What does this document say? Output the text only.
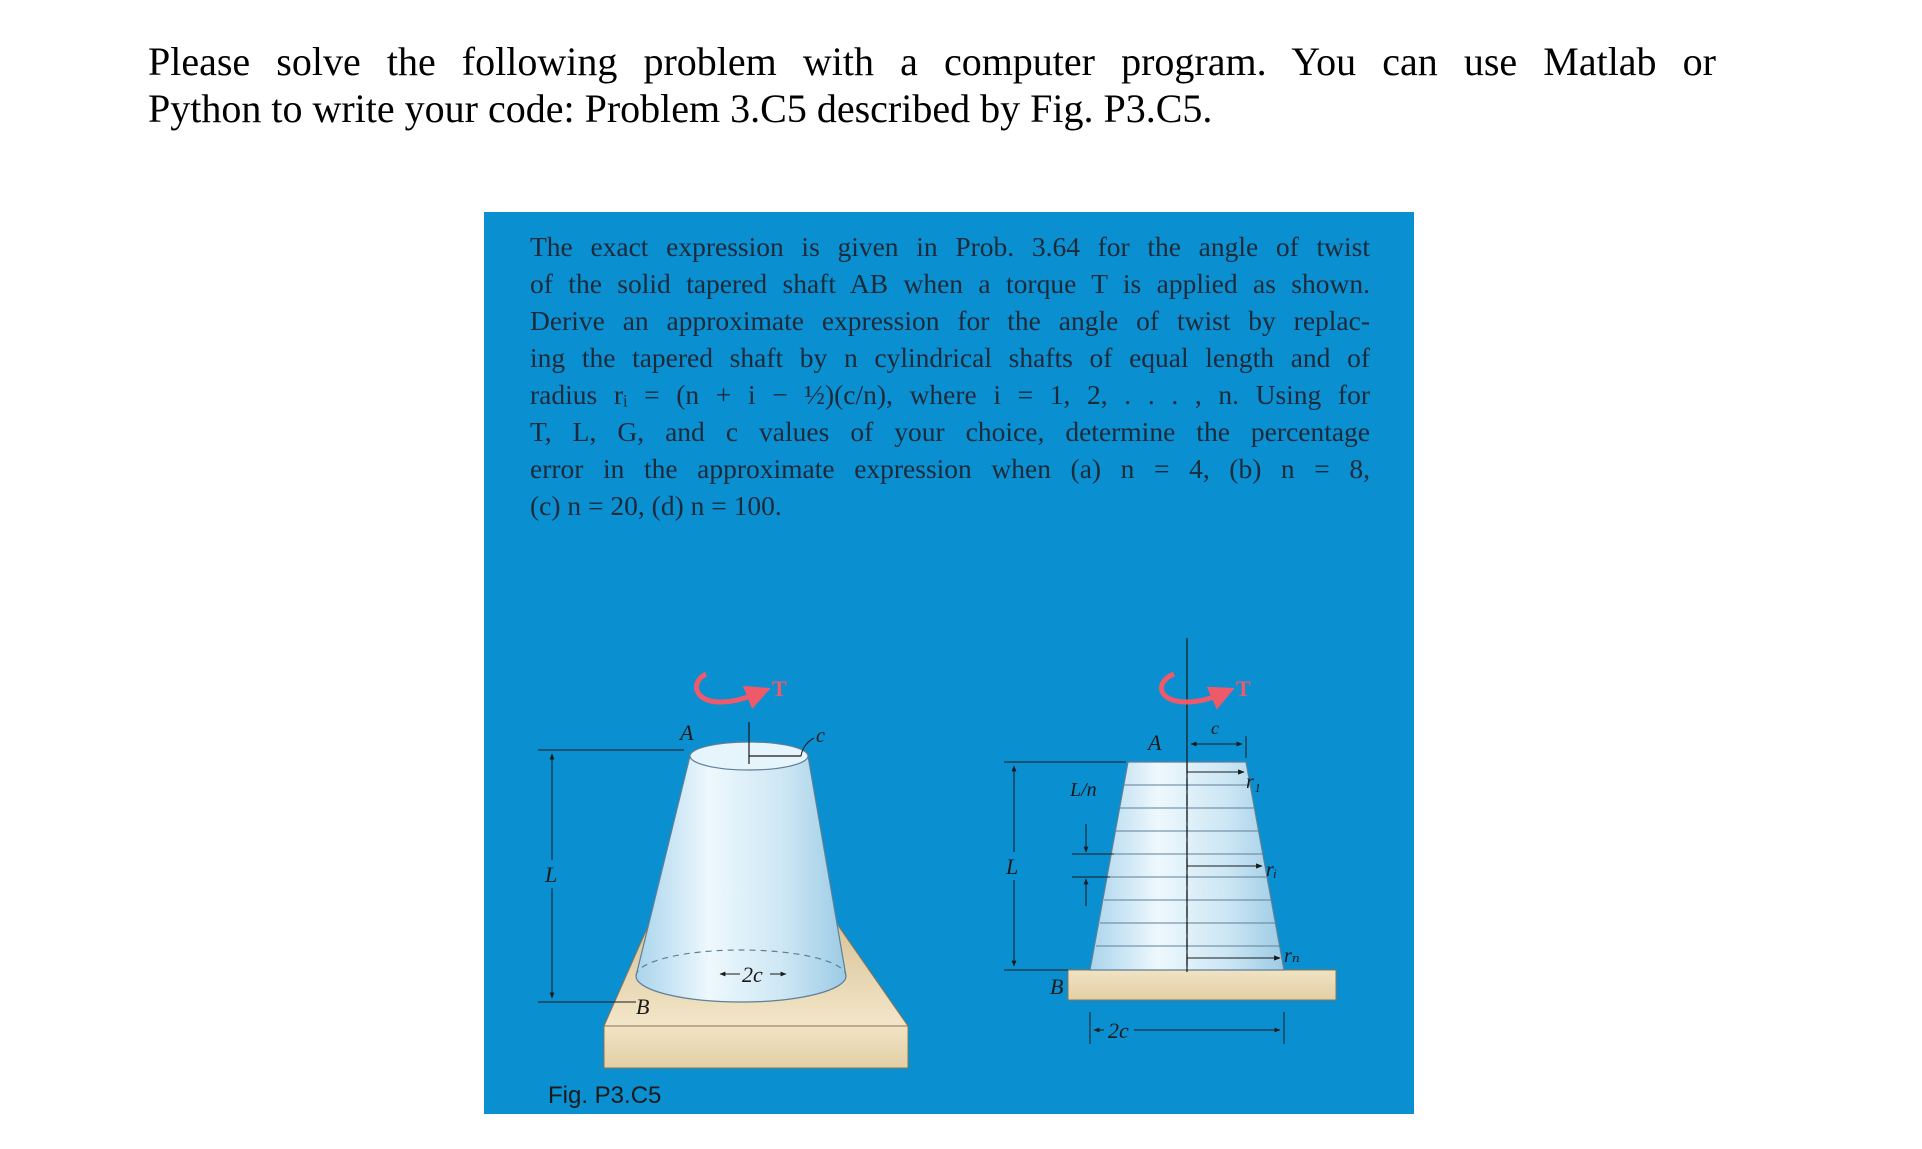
Please solve the following problem with a computer program. You can use Matlab or
Python to write your code: Problem 3.C5 described by Fig. P3.C5.
The exact expression is given in Prob. 3.64 for the angle of twist
of the solid tapered shaft AB when a torque T is applied as shown.
Derive an approximate expression for the angle of twist by replac-
ing the tapered shaft by n cylindrical shafts of equal length and of
radius rᵢ = (n + i − ½)(c/n), where i = 1, 2, . . . , n. Using for
T, L, G, and c values of your choice, determine the percentage
error in the approximate expression when (a) n = 4, (b) n = 8,
(c) n = 20, (d) n = 100.
T
L
A
B
c
2c
r₁
rᵢ
rₙ
T
c
L
L/n
2c
A
B
Fig. P3.C5
